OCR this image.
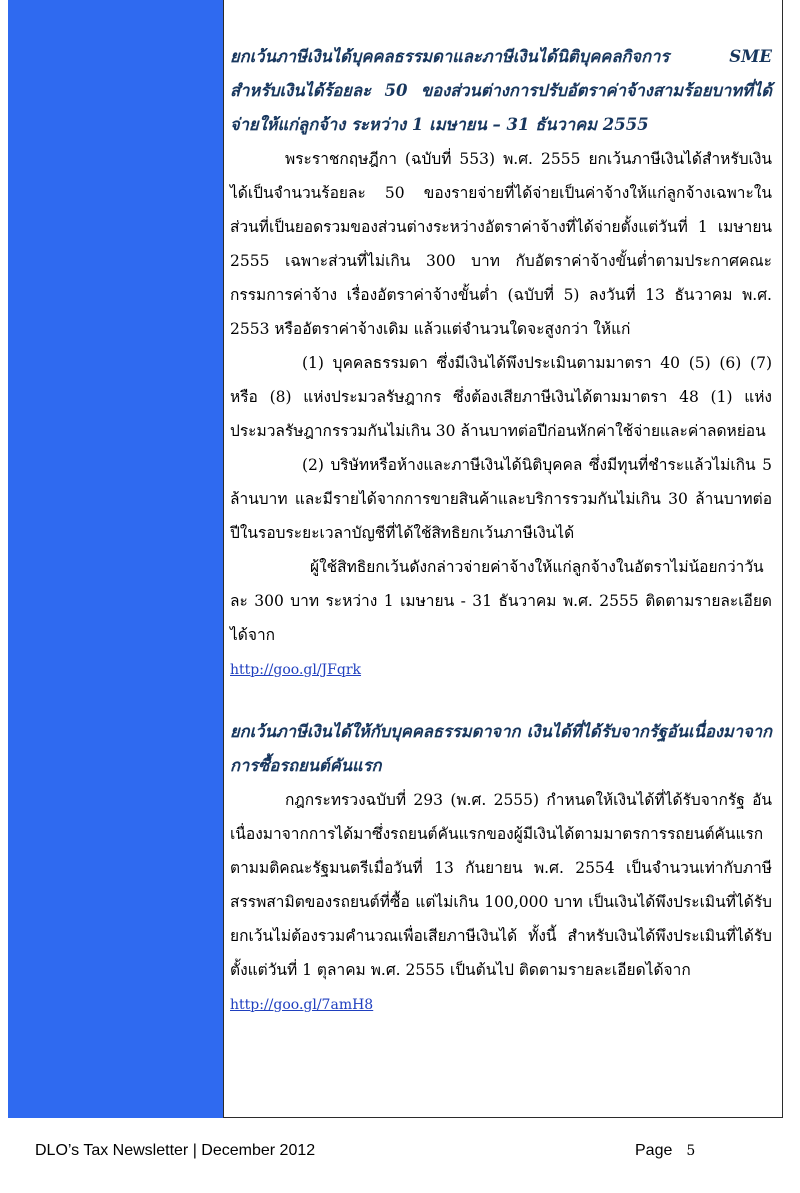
ยกเว้นภาษีเงินได้บุคคลธรรมดาและภาษีเงินได้นิติบุคคลกิจการ SME สำหรับเงินได้ร้อยละ 50 ของส่วนต่างการปรับอัตราค่าจ้างสามร้อยบาทที่ได้จ่ายให้แก่ลูกจ้าง ระหว่าง 1 เมษายน – 31 ธันวาคม 2555

พระราชกฤษฎีกา (ฉบับที่ 553) พ.ศ. 2555 ยกเว้นภาษีเงินได้สำหรับเงินได้เป็นจำนวนร้อยละ 50 ของรายจ่ายที่ได้จ่ายเป็นค่าจ้างให้แก่ลูกจ้างเฉพาะในส่วนที่เป็นยอดรวมของส่วนต่างระหว่างอัตราค่าจ้างที่ได้จ่ายตั้งแต่วันที่ 1 เมษายน 2555 เฉพาะส่วนที่ไม่เกิน 300 บาท กับอัตราค่าจ้างขั้นต่ำตามประกาศคณะกรรมการค่าจ้าง เรื่องอัตราค่าจ้างขั้นต่ำ (ฉบับที่ 5) ลงวันที่ 13 ธันวาคม พ.ศ. 2553 หรืออัตราค่าจ้างเดิม แล้วแต่จำนวนใดจะสูงกว่า ให้แก่

(1) บุคคลธรรมดา ซึ่งมีเงินได้พึงประเมินตามมาตรา 40 (5) (6) (7) หรือ (8) แห่งประมวลรัษฎากร ซึ่งต้องเสียภาษีเงินได้ตามมาตรา 48 (1) แห่งประมวลรัษฎากรรวมกันไม่เกิน 30 ล้านบาทต่อปีก่อนหักค่าใช้จ่ายและค่าลดหย่อน

(2) บริษัทหรือห้างและภาษีเงินได้นิติบุคคล ซึ่งมีทุนที่ชำระแล้วไม่เกิน 5 ล้านบาท และมีรายได้จากการขายสินค้าและบริการรวมกันไม่เกิน 30 ล้านบาทต่อปีในรอบระยะเวลาบัญชีที่ได้ใช้สิทธิยกเว้นภาษีเงินได้

ผู้ใช้สิทธิยกเว้นดังกล่าวจ่ายค่าจ้างให้แก่ลูกจ้างในอัตราไม่น้อยกว่าวันละ 300 บาท ระหว่าง 1 เมษายน - 31 ธันวาคม พ.ศ. 2555 ติดตามรายละเอียดได้จาก

http://goo.gl/JFqrk
ยกเว้นภาษีเงินได้ให้กับบุคคลธรรมดาจาก เงินได้ที่ได้รับจากรัฐอันเนื่องมาจากการซื้อรถยนต์คันแรก

กฎกระทรวงฉบับที่ 293 (พ.ศ. 2555) กำหนดให้เงินได้ที่ได้รับจากรัฐ อันเนื่องมาจากการได้มาซึ่งรถยนต์คันแรกของผู้มีเงินได้ตามมาตรการรถยนต์คันแรก ตามมติคณะรัฐมนตรีเมื่อวันที่ 13 กันยายน พ.ศ. 2554 เป็นจำนวนเท่ากับภาษีสรรพสามิตของรถยนต์ที่ซื้อ แต่ไม่เกิน 100,000 บาท เป็นเงินได้พึงประเมินที่ได้รับยกเว้นไม่ต้องรวมคำนวณเพื่อเสียภาษีเงินได้ ทั้งนี้ สำหรับเงินได้พึงประเมินที่ได้รับตั้งแต่วันที่ 1 ตุลาคม พ.ศ. 2555 เป็นต้นไป ติดตามรายละเอียดได้จาก

http://goo.gl/7amH8
DLO’s Tax Newsletter | December 2012	Page 5
